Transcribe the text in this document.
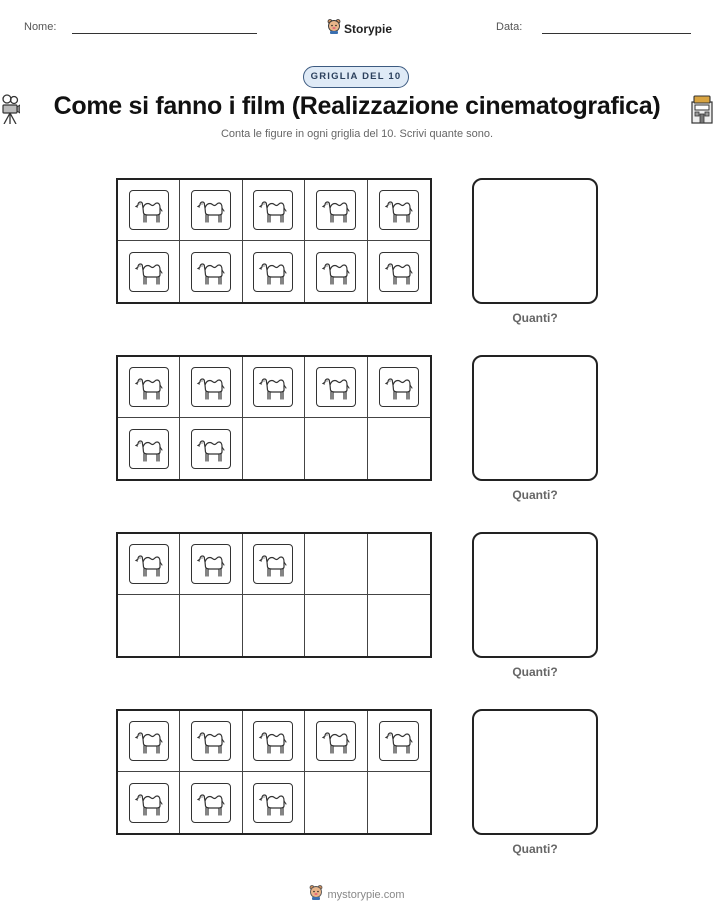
Nome:	Storypie	Data:
GRIGLIA DEL 10
Come si fanno i film (Realizzazione cinematografica)
Conta le figure in ogni griglia del 10. Scrivi quante sono.
Quanti?
Quanti?
Quanti?
Quanti?
mystorypie.com
